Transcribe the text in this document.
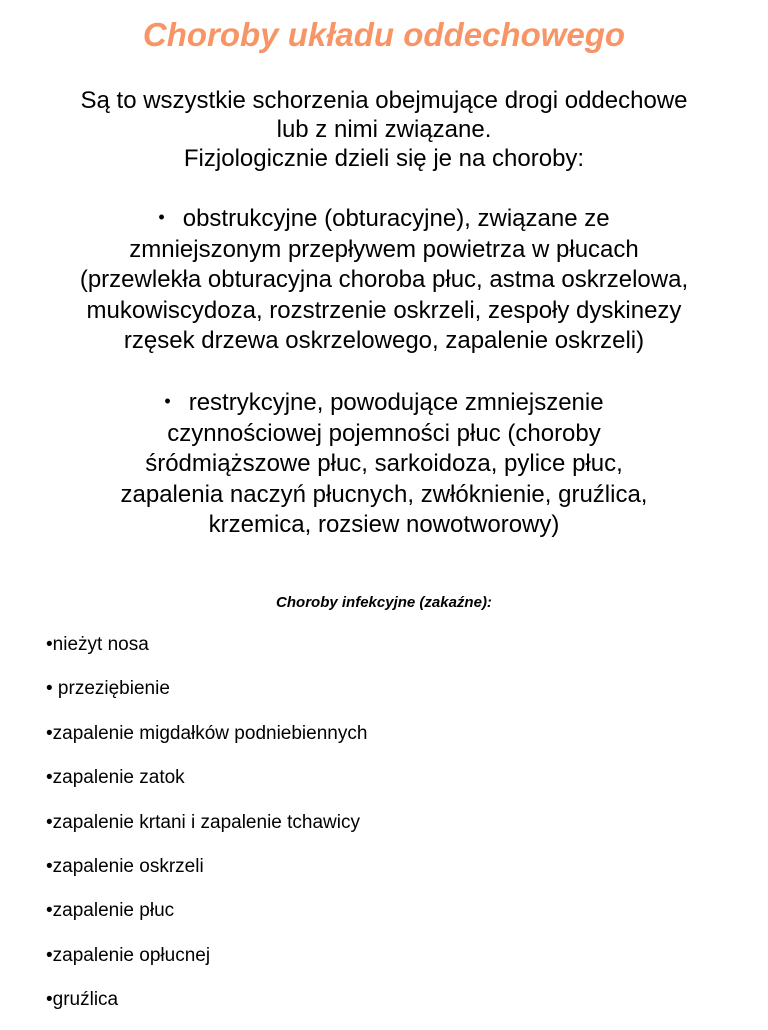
Choroby układu oddechowego

Są to wszystkie schorzenia obejmujące drogi oddechowe

lub z nimi związane.

Fizjologicznie dzieli się je na choroby:

• obstrukcyjne (obturacyjne), związane ze

zmniejszonym przepływem powietrza w płucach

(przewlekła obturacyjna choroba płuc, astma oskrzelowa,

mukowiscydoza, rozstrzenie oskrzeli, zespoły dyskinezy

rzęsek drzewa oskrzelowego, zapalenie oskrzeli)

• restrykcyjne, powodujące zmniejszenie

czynnościowej pojemności płuc (choroby

śródmiąższowe płuc, sarkoidoza, pylice płuc,

zapalenia naczyń płucnych, zwłóknienie, gruźlica,

krzemica, rozsiew nowotworowy)

Choroby infekcyjne (zakaźne):
•nieżyt nosa
• przeziębienie
•zapalenie migdałków podniebiennych
•zapalenie zatok
•zapalenie krtani i zapalenie tchawicy
•zapalenie oskrzeli
•zapalenie płuc
•zapalenie opłucnej
•gruźlica
